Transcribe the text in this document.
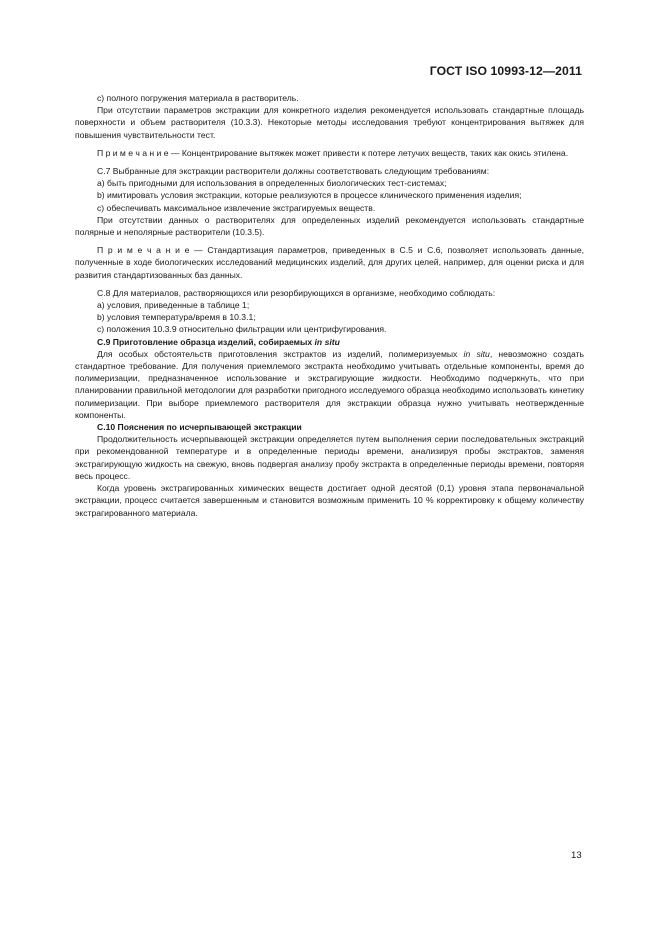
ГОСТ ISO 10993-12—2011

с) полного погружения материала в растворитель.

При отсутствии параметров экстракции для конкретного изделия рекомендуется использовать стандартные площадь поверхности и объем растворителя (10.3.3). Некоторые методы исследования требуют концентрирования вытяжек для повышения чувствительности тест.

П р и м е ч а н и е — Концентрирование вытяжек может привести к потере летучих веществ, таких как окись этилена.

С.7 Выбранные для экстракции растворители должны соответствовать следующим требованиям:

а) быть пригодными для использования в определенных биологических тест-системах;

b) имитировать условия экстракции, которые реализуются в процессе клинического применения изделия;

с) обеспечивать максимальное извлечение экстрагируемых веществ.

При отсутствии данных о растворителях для определенных изделий рекомендуется использовать стандартные полярные и неполярные растворители (10.3.5).

П р и м е ч а н и е — Стандартизация параметров, приведенных в С.5 и С.6, позволяет использовать данные, полученные в ходе биологических исследований медицинских изделий, для других целей, например, для оценки риска и для развития стандартизованных баз данных.

С.8 Для материалов, растворяющихся или резорбирующихся в организме, необходимо соблюдать:

а) условия, приведенные в таблице 1;

b) условия температура/время в 10.3.1;

с) положения 10.3.9 относительно фильтрации или центрифугирования.

С.9 Приготовление образца изделий, собираемых in situ

Для особых обстоятельств приготовления экстрактов из изделий, полимеризуемых in situ, невозможно создать стандартное требование. Для получения приемлемого экстракта необходимо учитывать отдельные компоненты, время до полимеризации, предназначенное использование и экстрагирующие жидкости. Необходимо подчеркнуть, что при планировании правильной методологии для разработки пригодного исследуемого образца необходимо использовать кинетику полимеризации. При выборе приемлемого растворителя для экстракции образца нужно учитывать неотвержденные компоненты.

С.10 Пояснения по исчерпывающей экстракции

Продолжительность исчерпывающей экстракции определяется путем выполнения серии последовательных экстракций при рекомендованной температуре и в определенные периоды времени, анализируя пробы экстрактов, заменяя экстрагирующую жидкость на свежую, вновь подвергая анализу пробу экстракта в определенные периоды времени, повторяя весь процесс.

Когда уровень экстрагированных химических веществ достигает одной десятой (0,1) уровня этапа первоначальной экстракции, процесс считается завершенным и становится возможным применить 10 % корректировку к общему количеству экстрагированного материала.

13
